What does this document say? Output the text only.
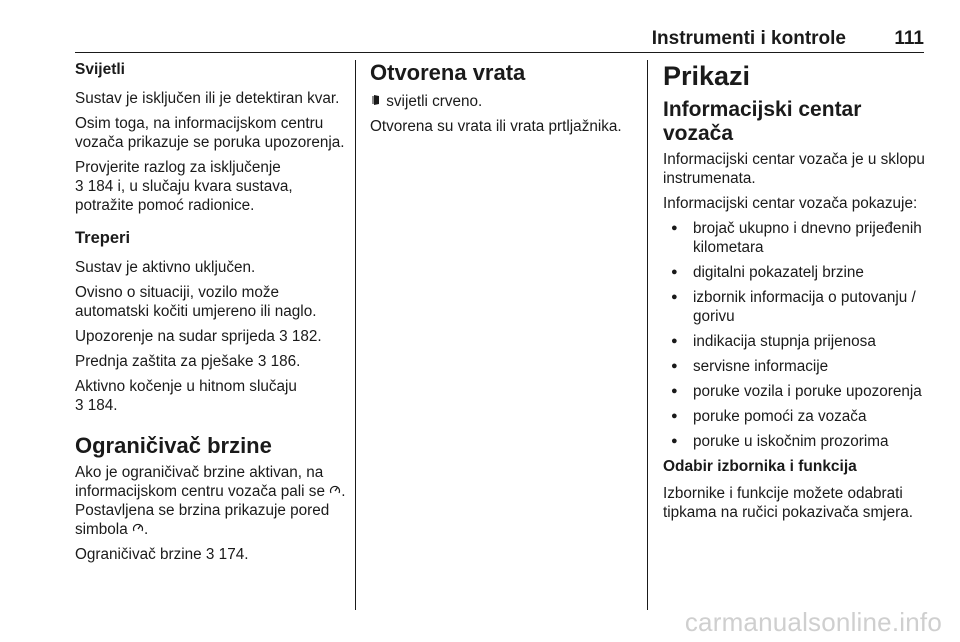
Instrumenti i kontrole	111

Svijetli

Sustav je isključen ili je detektiran kvar.

Osim toga, na informacijskom centru vozača prikazuje se poruka upozorenja.

Provjerite razlog za isključenje
3 184 i, u slučaju kvara sustava, potražite pomoć radionice.

Treperi

Sustav je aktivno uključen.

Ovisno o situaciji, vozilo može automatski kočiti umjereno ili naglo.

Upozorenje na sudar sprijeda 3 182.

Prednja zaštita za pješake 3 186.

Aktivno kočenje u hitnom slučaju
3 184.

Ograničivač brzine

Ako je ograničivač brzine aktivan, na informacijskom centru vozača pali se . Postavljena se brzina prikazuje pored simbola .

Ograničivač brzine 3 174.

Otvorena vrata

svijetli crveno.

Otvorena su vrata ili vrata prtljažnika.

Prikazi

Informacijski centar vozača

Informacijski centar vozača je u sklopu instrumenata.

Informacijski centar vozača pokazuje:

● brojač ukupno i dnevno prijeđenih kilometara
● digitalni pokazatelj brzine
● izbornik informacija o putovanju / gorivu
● indikacija stupnja prijenosa
● servisne informacije
● poruke vozila i poruke upozorenja
● poruke pomoći za vozača
● poruke u iskočnim prozorima

Odabir izbornika i funkcija

Izbornike i funkcije možete odabrati tipkama na ručici pokazivača smjera.

carmanualsonline.info
